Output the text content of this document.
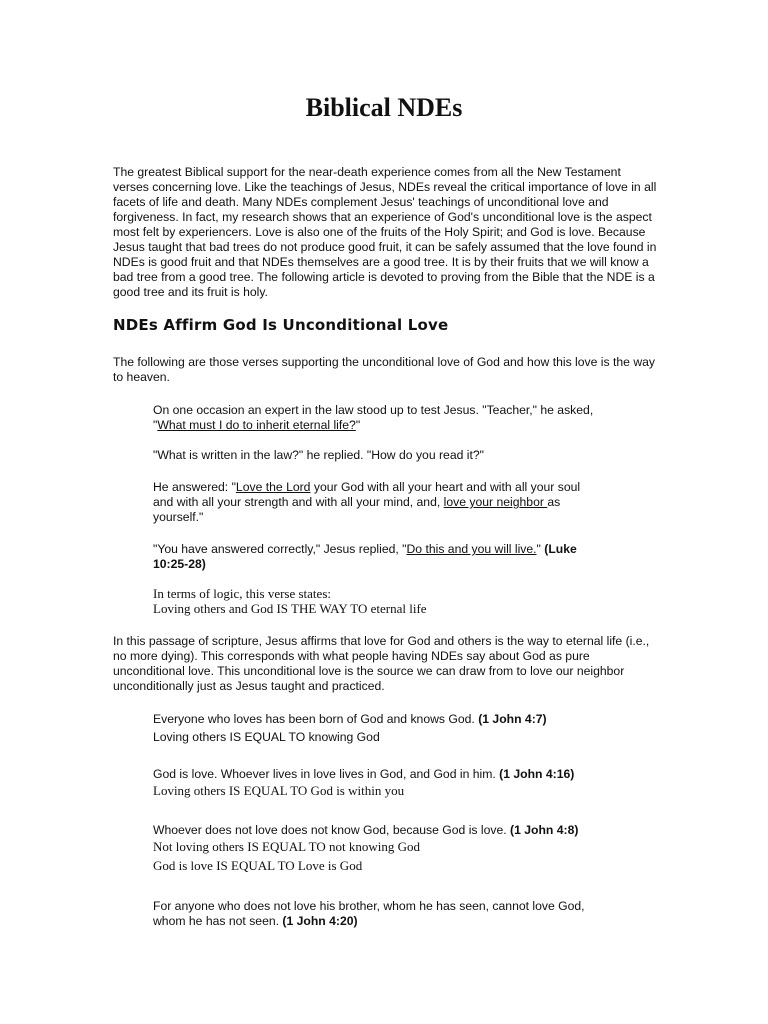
Biblical NDEs

The greatest Biblical support for the near-death experience comes from all the New Testament verses concerning love. Like the teachings of Jesus, NDEs reveal the critical importance of love in all facets of life and death. Many NDEs complement Jesus' teachings of unconditional love and forgiveness. In fact, my research shows that an experience of God's unconditional love is the aspect most felt by experiencers. Love is also one of the fruits of the Holy Spirit; and God is love. Because Jesus taught that bad trees do not produce good fruit, it can be safely assumed that the love found in NDEs is good fruit and that NDEs themselves are a good tree. It is by their fruits that we will know a bad tree from a good tree. The following article is devoted to proving from the Bible that the NDE is a good tree and its fruit is holy.

NDEs Affirm God Is Unconditional Love

The following are those verses supporting the unconditional love of God and how this love is the way to heaven.

On one occasion an expert in the law stood up to test Jesus. "Teacher," he asked,
"What must I do to inherit eternal life?"

"What is written in the law?" he replied. "How do you read it?"

He answered: "Love the Lord your God with all your heart and with all your soul
and with all your strength and with all your mind, and, love your neighbor as
yourself."
"You have answered correctly," Jesus replied, "Do this and you will live." (Luke
10:25-28)
In terms of logic, this verse states:
Loving others and God IS THE WAY TO eternal life

In this passage of scripture, Jesus affirms that love for God and others is the way to eternal life (i.e., no more dying). This corresponds with what people having NDEs say about God as pure unconditional love. This unconditional love is the source we can draw from to love our neighbor unconditionally just as Jesus taught and practiced.

Everyone who loves has been born of God and knows God. (1 John 4:7)
Loving others IS EQUAL TO knowing God
God is love. Whoever lives in love lives in God, and God in him. (1 John 4:16)
Loving others IS EQUAL TO God is within you
Whoever does not love does not know God, because God is love. (1 John 4:8)
Not loving others IS EQUAL TO not knowing God
God is love IS EQUAL TO Love is God
For anyone who does not love his brother, whom he has seen, cannot love God,
whom he has not seen. (1 John 4:20)
